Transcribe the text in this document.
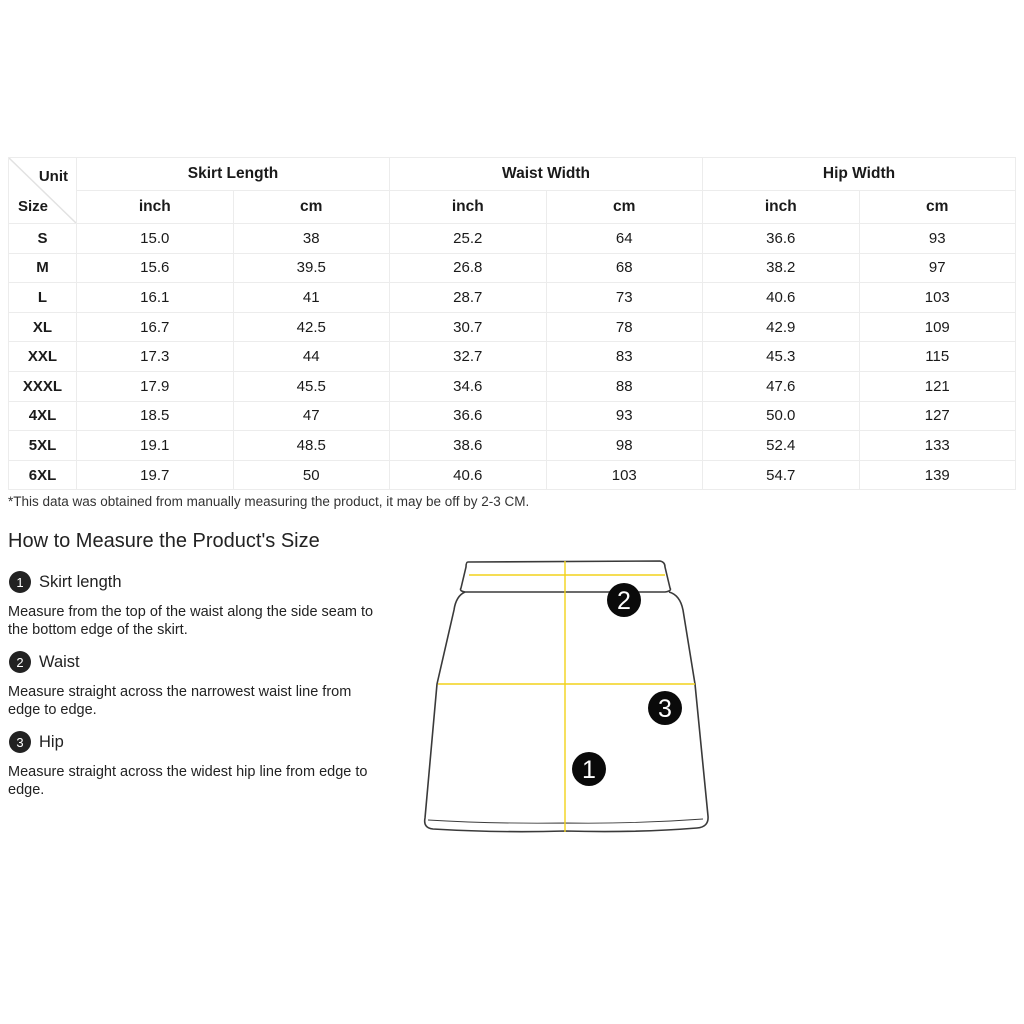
Unit
Size	Skirt Length		Waist Width		Hip Width	
	inch	cm	inch	cm	inch	cm
S	15.0	38	25.2	64	36.6	93
M	15.6	39.5	26.8	68	38.2	97
L	16.1	41	28.7	73	40.6	103
XL	16.7	42.5	30.7	78	42.9	109
XXL	17.3	44	32.7	83	45.3	115
XXXL	17.9	45.5	34.6	88	47.6	121
4XL	18.5	47	36.6	93	50.0	127
5XL	19.1	48.5	38.6	98	52.4	133
6XL	19.7	50	40.6	103	54.7	139
*This data was obtained from manually measuring the product, it may be off by 2-3 CM.
How to Measure the Product's Size
1 Skirt length
Measure from the top of the waist along the side seam to the bottom edge of the skirt.
2 Waist
Measure straight across the narrowest waist line from edge to edge.
3 Hip
Measure straight across the widest hip line from edge to edge.
2
3
1
